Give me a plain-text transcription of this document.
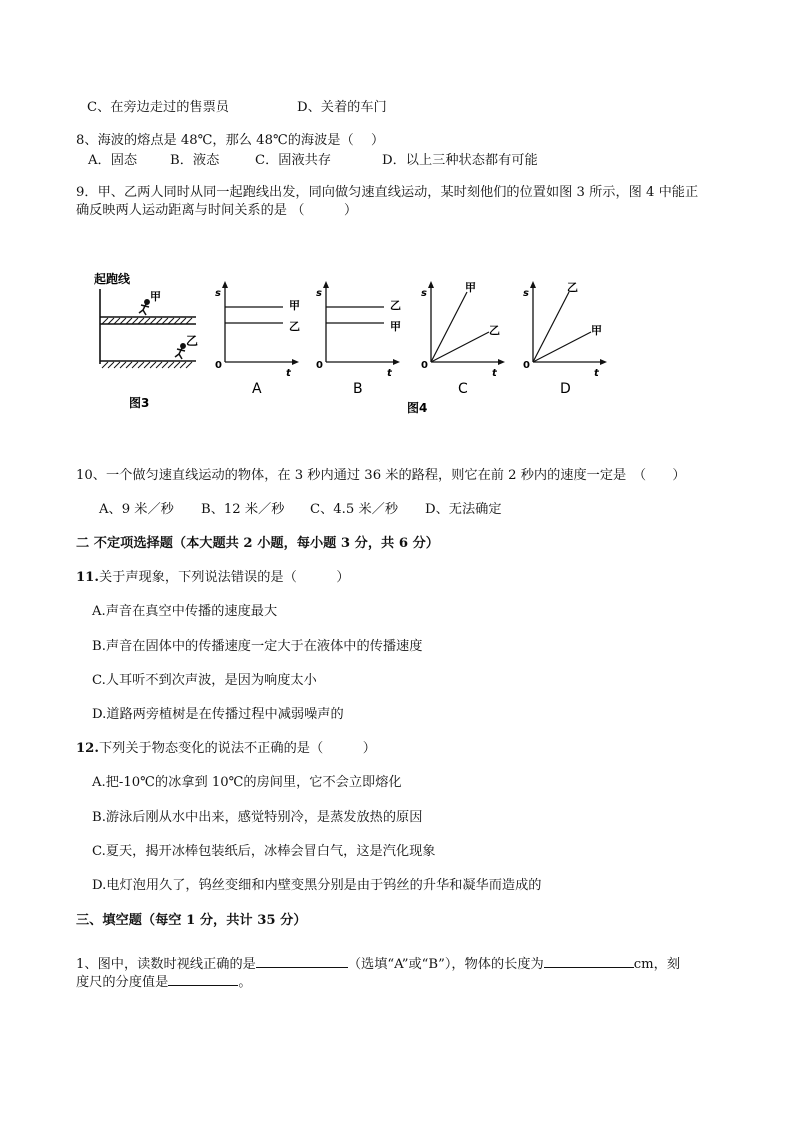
C、在旁边走过的售票员	D、关着的车门
8、海波的熔点是 48℃，那么 48℃的海波是（　 ）
A．固态 B．液态	C．固液共存	D．以上三种状态都有可能
9．甲、乙两人同时从同一起跑线出发，同向做匀速直线运动，某时刻他们的位置如图 3 所示，图 4 中能正
确反映两人运动距离与时间关系的是 （　　　）
起跑线
甲
乙
图3
s
t
0
A
甲
乙
s
t
0
B
乙
甲
s
t
0
C
甲
乙
s
t
0
D
乙
甲
图4
10、一个做匀速直线运动的物体，在 3 秒内通过 36 米的路程，则它在前 2 秒内的速度一定是　（　　）
A、9 米／秒 B、12 米／秒 C、4.5 米／秒 D、无法确定
二 不定项选择题（本大题共 2 小题，每小题 3 分，共 6 分）
11.关于声现象，下列说法错误的是（　　　）
A.声音在真空中传播的速度最大
B.声音在固体中的传播速度一定大于在液体中的传播速度
C.人耳听不到次声波，是因为响度太小
D.道路两旁植树是在传播过程中减弱噪声的
12.下列关于物态变化的说法不正确的是（　　　）
A.把-10℃的冰拿到 10℃的房间里，它不会立即熔化
B.游泳后刚从水中出来，感觉特别冷，是蒸发放热的原因
C.夏天，揭开冰棒包装纸后，冰棒会冒白气，这是汽化现象
D.电灯泡用久了，钨丝变细和内壁变黑分别是由于钨丝的升华和凝华而造成的
三、填空题（每空 1 分，共计 35 分）
1、图中，读数时视线正确的是	（选填“A”或“B”），物体的长度为	cm，刻
度尺的分度值是	。
